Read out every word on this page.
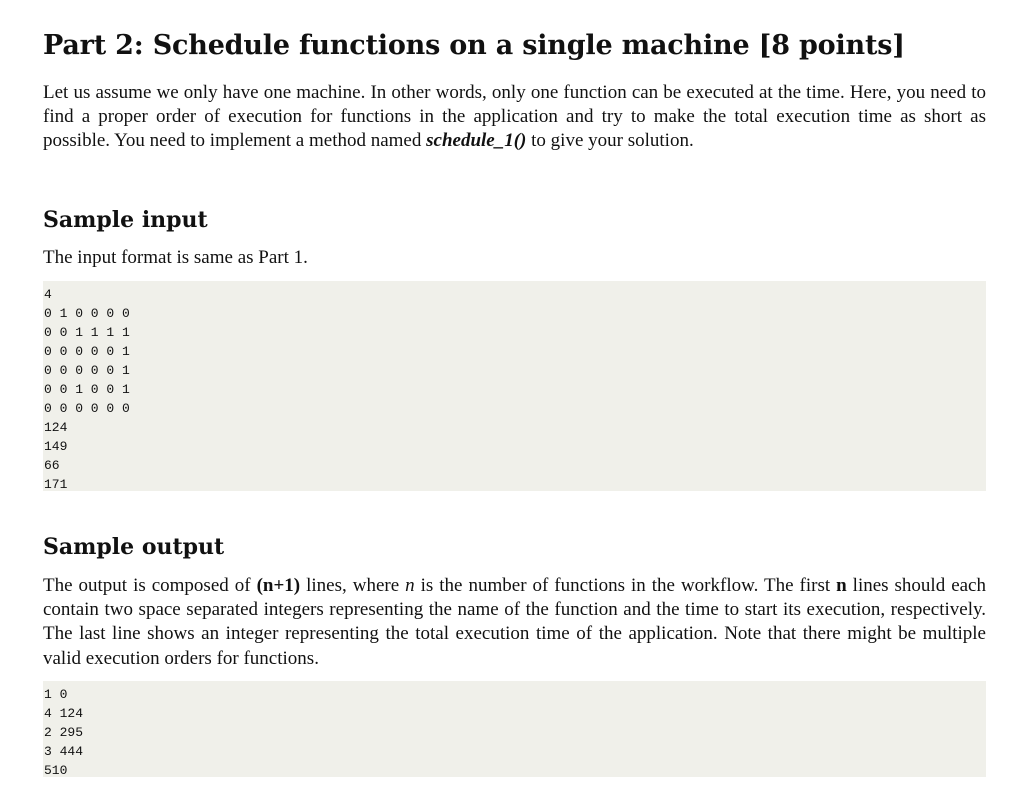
Part 2: Schedule functions on a single machine [8 points]

Let us assume we only have one machine. In other words, only one function can be executed at the time. Here, you need to find a proper order of execution for functions in the application and try to make the total execution time as short as possible. You need to implement a method named schedule_1() to give your solution.

Sample input

The input format is same as Part 1.

4
0 1 0 0 0 0
0 0 1 1 1 1
0 0 0 0 0 1
0 0 0 0 0 1
0 0 1 0 0 1
0 0 0 0 0 0
124
149
66
171
Sample output

The output is composed of (n+1) lines, where n is the number of functions in the workflow. The first n lines should each contain two space separated integers representing the name of the function and the time to start its execution, respectively. The last line shows an integer representing the total execution time of the application. Note that there might be multiple valid execution orders for functions.

1 0
4 124
2 295
3 444
510
